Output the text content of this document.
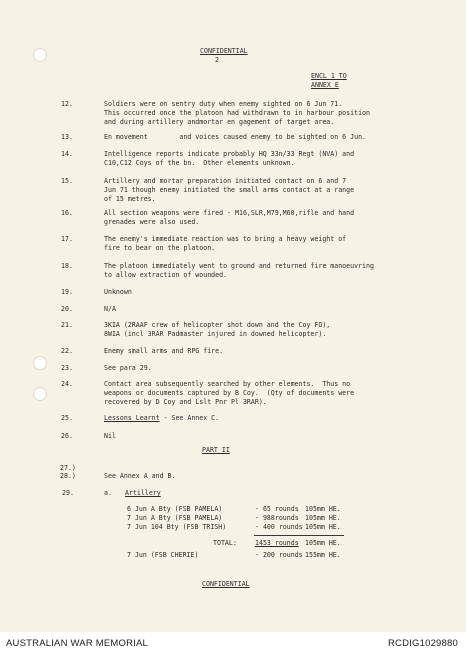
CONFIDENTIAL
2
ENCL 1 TO
ANNEX E
12.	Soldiers were on sentry duty when enemy sighted on 6 Jun 71.
This occurred once the platoon had withdrawn to in harbour position
and during artillery andmortar en gagement of target area.
13.	En movement        and voices caused enemy to be sighted on 6 Jun.
14.	Intelligence reports indicate probably HQ 33n/33 Regt (NVA) and
C10,C12 Coys of the bn.  Other elements unknown.
15.	Artillery and mortar preparation initiated contact on 6 and 7
Jun 71 though enemy initiated the small arms contact at a range
of 15 metres.
16.	All section weapons were fired - M16,SLR,M79,M60,rifle and hand
grenades were also used.
17.	The enemy's immediate reaction was to bring a heavy weight of
fire to bear on the platoon.
18.	The platoon immediately went to ground and returned fire manoeuvring
to allow extraction of wounded.
19.	Unknown
20.	N/A
21.	3KIA (2RAAF crew of helicopter shot down and the Coy FO),
8WIA (incl 3RAR Padmaster injured in downed helicopter).
22.	Enemy small arms and RPG fire.
23.	See para 29.
24.	Contact area subsequently searched by other elements.  Thus no
weapons or documents captured by B Coy.  (Qty of documents were
recovered by D Coy and Lslt Pnr Pl 3RAR).
25.	Lessons Learnt - See Annex C.
26.	Nil
PART II
27.)
28.)	See Annex A and B.
29.	a. Artillery
6 Jun A Bty (FSB PAMELA)	- 65 rounds 105mm HE.
7 Jun A Bty (FSB PAMELA)	- 988rounds 105mm HE.
7 Jun 104 Bty (FSB TRISH)	- 400 rounds 105mm HE.
TOTAL:	1453 rounds 105mm HE.
7 Jun (FSB CHERIE)	- 200 rounds 155mm HE.
CONFIDENTIAL
AUSTRALIAN WAR MEMORIAL	RCDIG1029880
